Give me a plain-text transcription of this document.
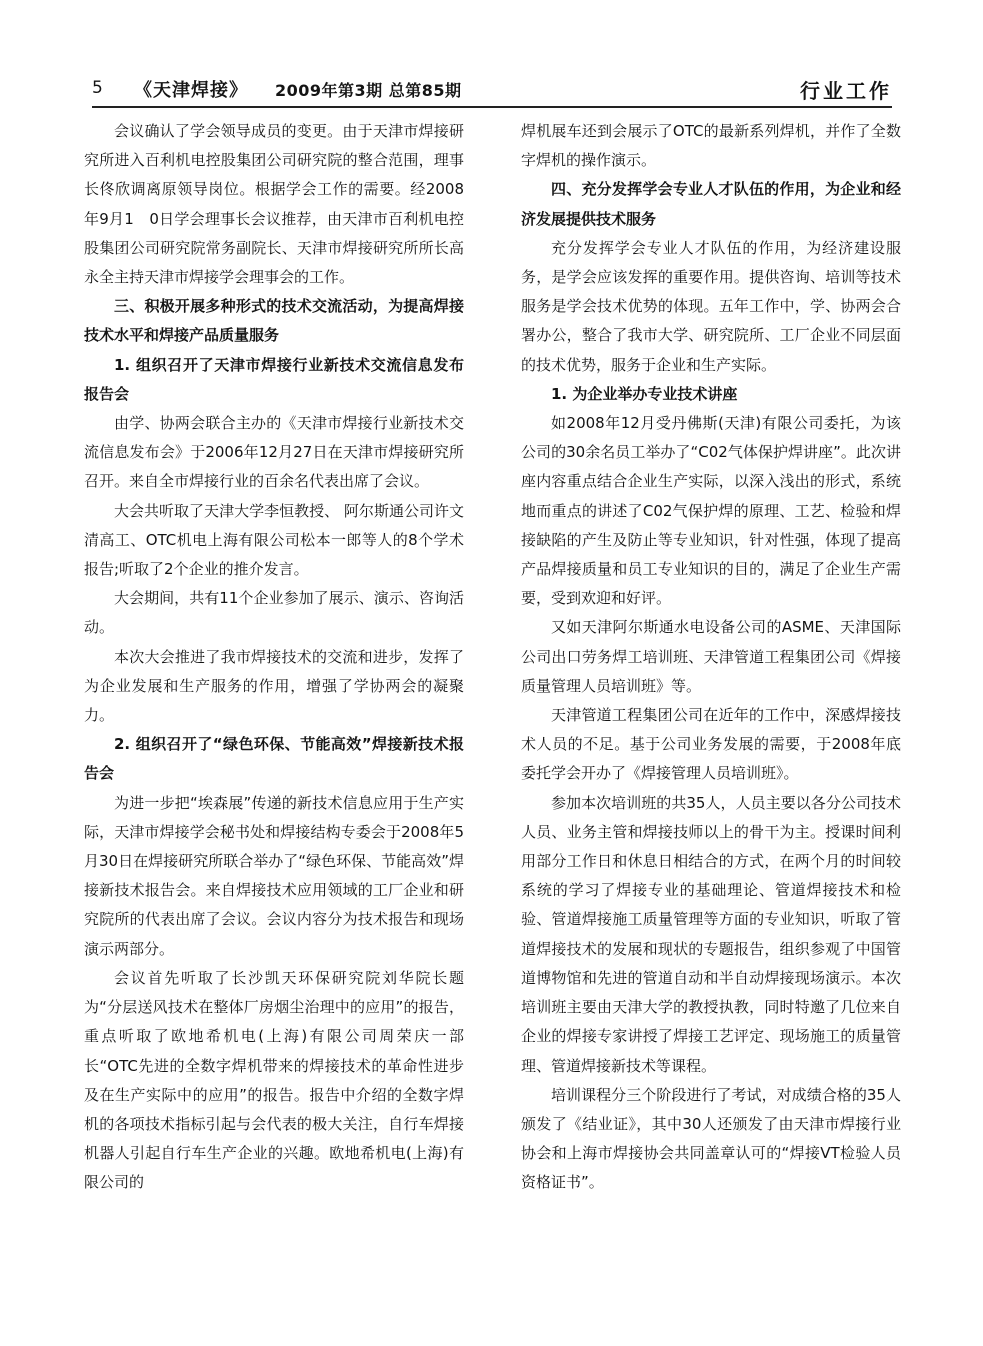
5 《天津焊接》 2009年第3期 总第85期	行业工作

会议确认了学会领导成员的变更。由于天津市焊接研究所进入百利机电控股集团公司研究院的整合范围，理事长佟欣调离原领导岗位。根据学会工作的需要。经2008年9月1　0日学会理事长会议推荐，由天津市百利机电控股集团公司研究院常务副院长、天津市焊接研究所所长高永全主持天津市焊接学会理事会的工作。

三、积极开展多种形式的技术交流活动，为提高焊接技术水平和焊接产品质量服务

1. 组织召开了天津市焊接行业新技术交流信息发布报告会

由学、协两会联合主办的《天津市焊接行业新技术交流信息发布会》于2006年12月27日在天津市焊接研究所召开。来自全市焊接行业的百余名代表出席了会议。

大会共听取了天津大学李恒教授、 阿尔斯通公司许文清高工、OTC机电上海有限公司松本一郎等人的8个学术报告;听取了2个企业的推介发言。

大会期间，共有11个企业参加了展示、演示、咨询活动。

本次大会推进了我市焊接技术的交流和进步，发挥了为企业发展和生产服务的作用，增强了学协两会的凝聚力。

2. 组织召开了“绿色环保、节能高效”焊接新技术报告会

为进一步把“埃森展”传递的新技术信息应用于生产实际，天津市焊接学会秘书处和焊接结构专委会于2008年5月30日在焊接研究所联合举办了“绿色环保、节能高效”焊接新技术报告会。来自焊接技术应用领域的工厂企业和研究院所的代表出席了会议。会议内容分为技术报告和现场演示两部分。

会议首先听取了长沙凯天环保研究院刘华院长题为“分层送风技术在整体厂房烟尘治理中的应用”的报告，重点听取了欧地希机电(上海)有限公司周荣庆一部长“OTC先进的全数字焊机带来的焊接技术的革命性进步及在生产实际中的应用”的报告。报告中介绍的全数字焊机的各项技术指标引起与会代表的极大关注，自行车焊接机器人引起自行车生产企业的兴趣。欧地希机电(上海)有限公司的

焊机展车还到会展示了OTC的最新系列焊机，并作了全数字焊机的操作演示。

四、充分发挥学会专业人才队伍的作用，为企业和经济发展提供技术服务

充分发挥学会专业人才队伍的作用，为经济建设服务，是学会应该发挥的重要作用。提供咨询、培训等技术服务是学会技术优势的体现。五年工作中，学、协两会合署办公，整合了我市大学、研究院所、工厂企业不同层面的技术优势，服务于企业和生产实际。

1. 为企业举办专业技术讲座

如2008年12月受丹佛斯(天津)有限公司委托，为该公司的30余名员工举办了“C02气体保护焊讲座”。此次讲座内容重点结合企业生产实际，以深入浅出的形式，系统地而重点的讲述了C02气保护焊的原理、工艺、检验和焊接缺陷的产生及防止等专业知识，针对性强，体现了提高产品焊接质量和员工专业知识的目的，满足了企业生产需要，受到欢迎和好评。

又如天津阿尔斯通水电设备公司的ASME、天津国际公司出口劳务焊工培训班、天津管道工程集团公司《焊接质量管理人员培训班》等。

天津管道工程集团公司在近年的工作中，深感焊接技术人员的不足。基于公司业务发展的需要，于2008年底委托学会开办了《焊接管理人员培训班》。

参加本次培训班的共35人，人员主要以各分公司技术人员、业务主管和焊接技师以上的骨干为主。授课时间利用部分工作日和休息日相结合的方式，在两个月的时间较系统的学习了焊接专业的基础理论、管道焊接技术和检验、管道焊接施工质量管理等方面的专业知识，听取了管道焊接技术的发展和现状的专题报告，组织参观了中国管道博物馆和先进的管道自动和半自动焊接现场演示。本次培训班主要由天津大学的教授执教，同时特邀了几位来自企业的焊接专家讲授了焊接工艺评定、现场施工的质量管理、管道焊接新技术等课程。

培训课程分三个阶段进行了考试，对成绩合格的35人颁发了《结业证》，其中30人还颁发了由天津市焊接行业协会和上海市焊接协会共同盖章认可的“焊接VT检验人员资格证书”。
